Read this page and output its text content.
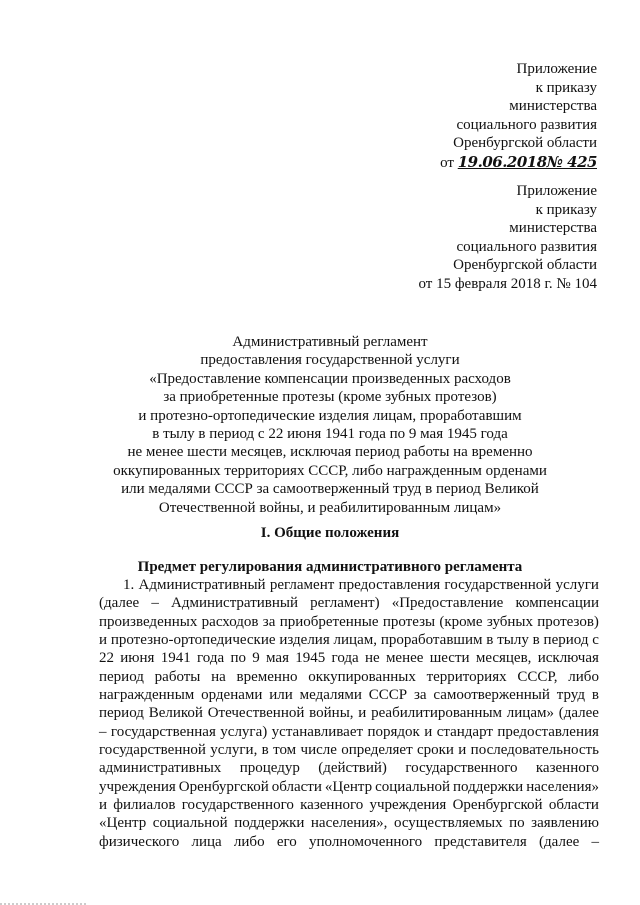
Приложение
к приказу
министерства
социального развития
Оренбургской области
от 19.06.2018№ 425
Приложение
к приказу
министерства
социального развития
Оренбургской области
от 15 февраля 2018 г. № 104
Административный регламент
предоставления государственной услуги
«Предоставление компенсации произведенных расходов
за приобретенные протезы (кроме зубных протезов)
и протезно-ортопедические изделия лицам, проработавшим
в тылу в период с 22 июня 1941 года по 9 мая 1945 года
не менее шести месяцев, исключая период работы на временно
оккупированных территориях СССР, либо награжденным орденами
или медалями СССР за самоотверженный труд в период Великой
Отечественной войны, и реабилитированным лицам»
I. Общие положения
Предмет регулирования административного регламента
1. Административный регламент предоставления государственной услуги
(далее – Административный регламент) «Предоставление компенсации
произведенных расходов за приобретенные протезы (кроме зубных протезов)
и протезно-ортопедические изделия лицам, проработавшим в тылу в период с
22 июня 1941 года по 9 мая 1945 года не менее шести месяцев, исключая
период работы на временно оккупированных территориях СССР, либо
награжденным орденами или медалями СССР за самоотверженный труд в
период Великой Отечественной войны, и реабилитированным лицам» (далее
– государственная услуга) устанавливает порядок и стандарт предоставления
государственной услуги, в том числе определяет сроки и последовательность
административных процедур (действий) государственного казенного
учреждения Оренбургской области «Центр социальной поддержки населения»
и филиалов государственного казенного учреждения Оренбургской области
«Центр социальной поддержки населения», осуществляемых по заявлению
физического лица либо его уполномоченного представителя (далее –
